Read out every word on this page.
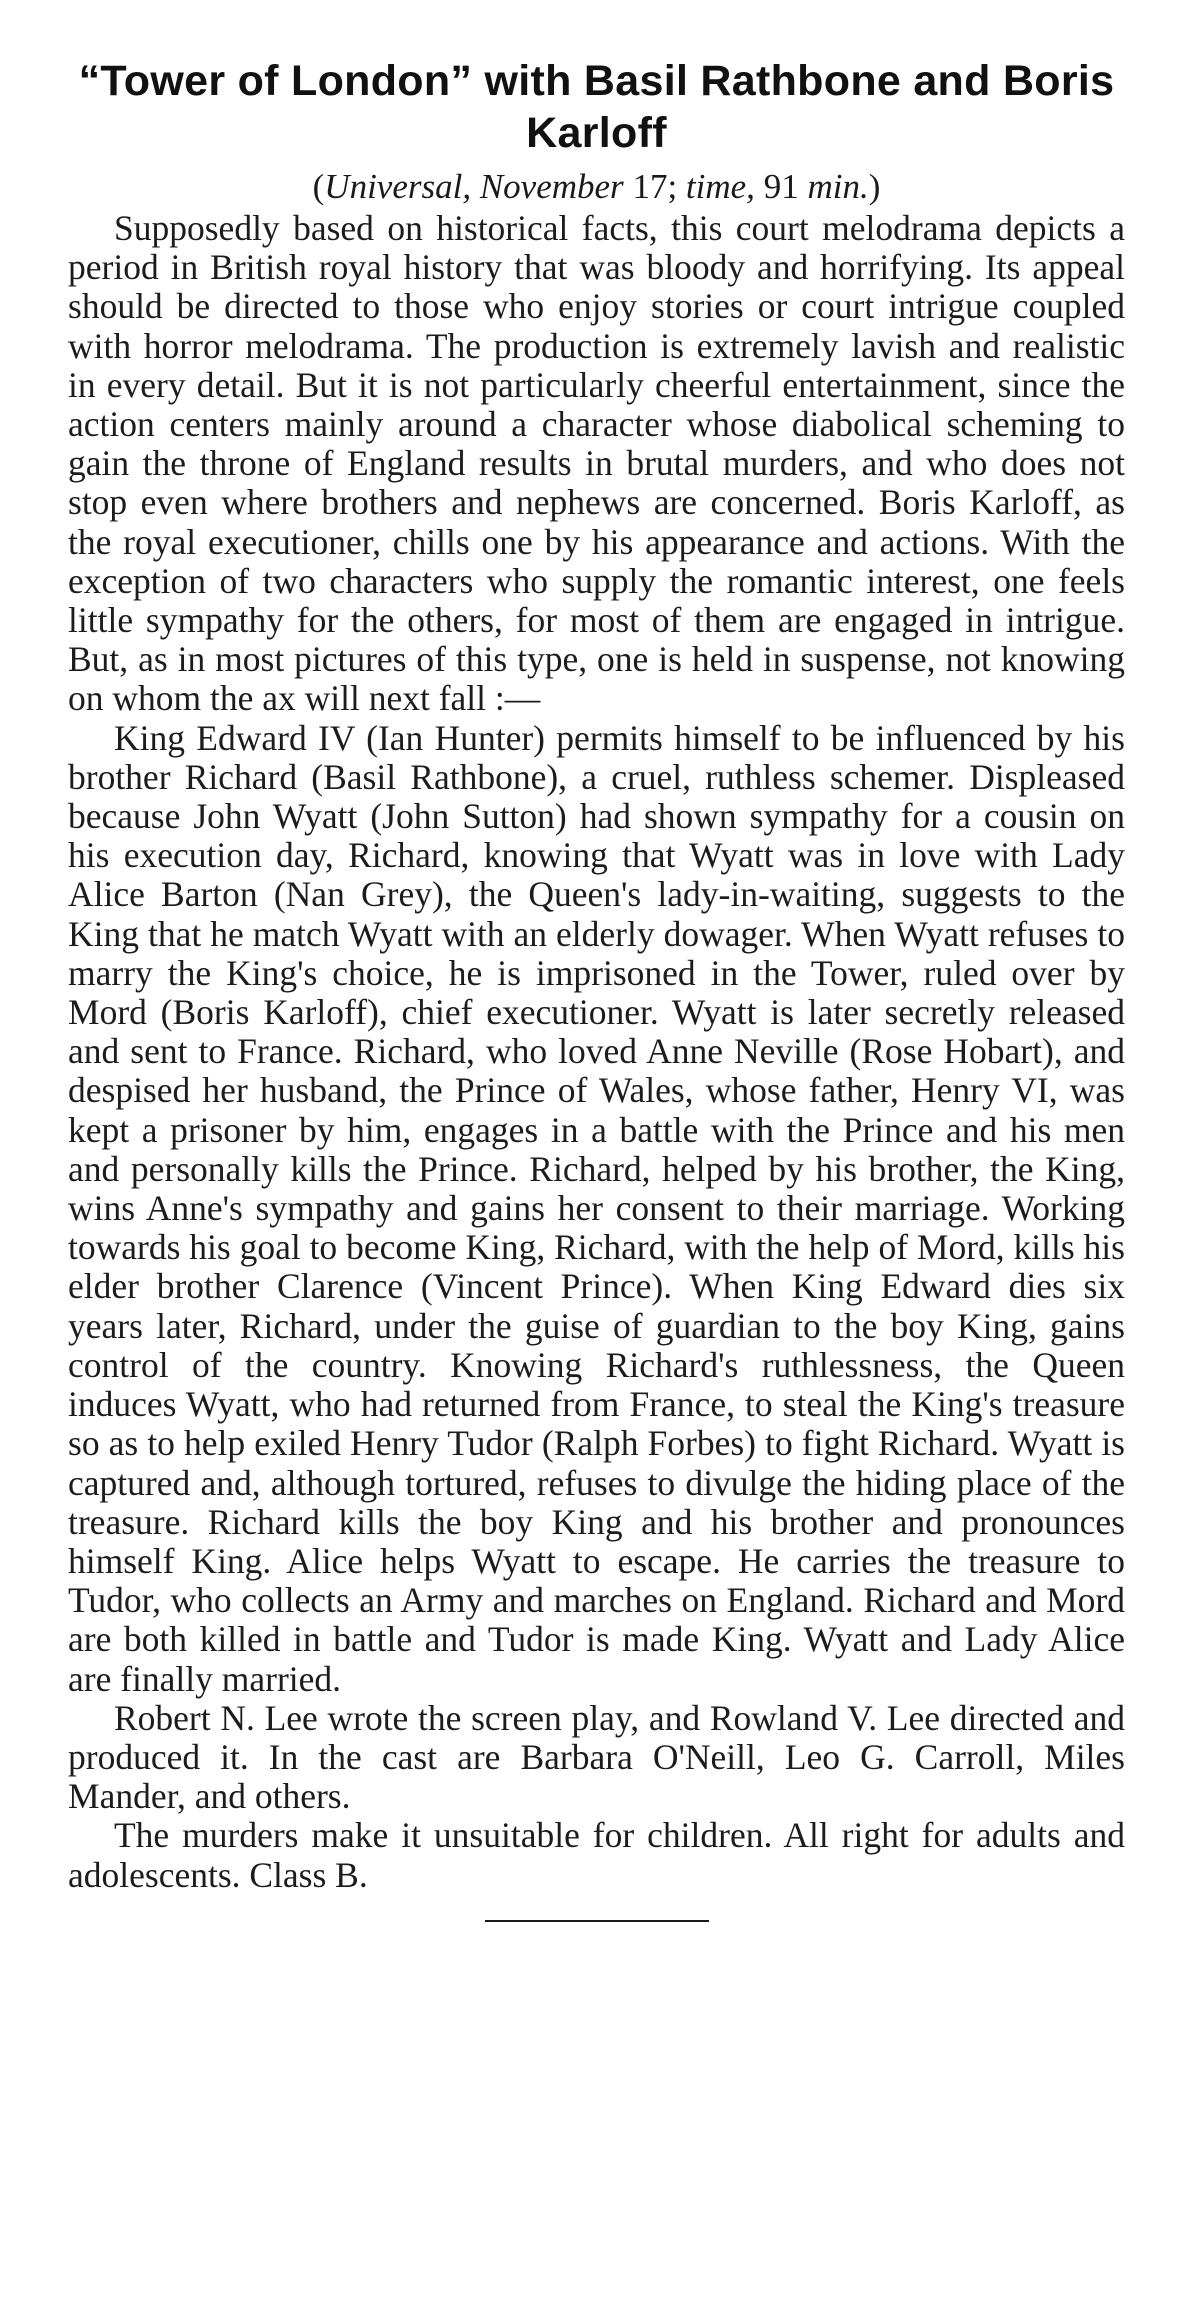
“Tower of London” with Basil Rathbone and Boris Karloff
(Universal, November 17; time, 91 min.)

Supposedly based on historical facts, this court melodrama depicts a period in British royal history that was bloody and horrifying. Its appeal should be directed to those who enjoy stories or court intrigue coupled with horror melodrama. The production is extremely lavish and realistic in every detail. But it is not particularly cheerful entertainment, since the action centers mainly around a character whose diabolical scheming to gain the throne of England results in brutal murders, and who does not stop even where brothers and nephews are concerned. Boris Karloff, as the royal executioner, chills one by his appearance and actions. With the exception of two characters who supply the romantic interest, one feels little sympathy for the others, for most of them are engaged in intrigue. But, as in most pictures of this type, one is held in suspense, not knowing on whom the ax will next fall :—

King Edward IV (Ian Hunter) permits himself to be influenced by his brother Richard (Basil Rathbone), a cruel, ruthless schemer. Displeased because John Wyatt (John Sutton) had shown sympathy for a cousin on his execution day, Richard, knowing that Wyatt was in love with Lady Alice Barton (Nan Grey), the Queen's lady-in-waiting, suggests to the King that he match Wyatt with an elderly dowager. When Wyatt refuses to marry the King's choice, he is imprisoned in the Tower, ruled over by Mord (Boris Karloff), chief executioner. Wyatt is later secretly released and sent to France. Richard, who loved Anne Neville (Rose Hobart), and despised her husband, the Prince of Wales, whose father, Henry VI, was kept a prisoner by him, engages in a battle with the Prince and his men and personally kills the Prince. Richard, helped by his brother, the King, wins Anne's sympathy and gains her consent to their marriage. Working towards his goal to become King, Richard, with the help of Mord, kills his elder brother Clarence (Vincent Prince). When King Edward dies six years later, Richard, under the guise of guardian to the boy King, gains control of the country. Knowing Richard's ruthlessness, the Queen induces Wyatt, who had returned from France, to steal the King's treasure so as to help exiled Henry Tudor (Ralph Forbes) to fight Richard. Wyatt is captured and, although tortured, refuses to divulge the hiding place of the treasure. Richard kills the boy King and his brother and pronounces himself King. Alice helps Wyatt to escape. He carries the treasure to Tudor, who collects an Army and marches on England. Richard and Mord are both killed in battle and Tudor is made King. Wyatt and Lady Alice are finally married.

Robert N. Lee wrote the screen play, and Rowland V. Lee directed and produced it. In the cast are Barbara O'Neill, Leo G. Carroll, Miles Mander, and others.

The murders make it unsuitable for children. All right for adults and adolescents. Class B.
